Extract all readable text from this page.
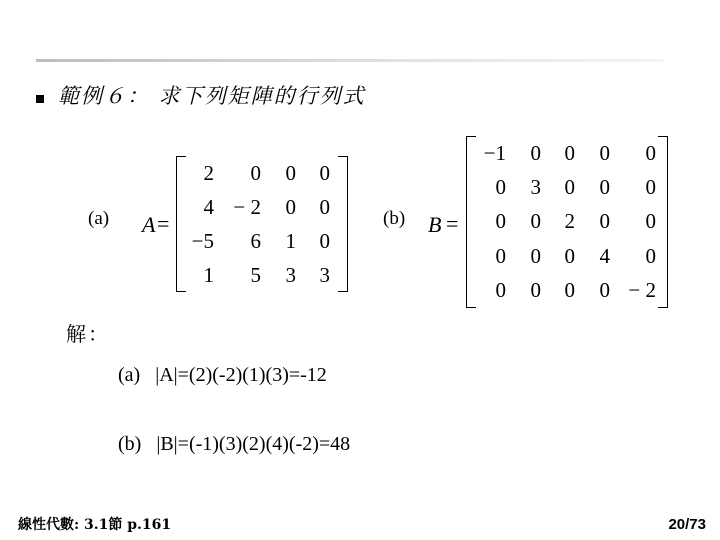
範例６： 求下列矩陣的行列式
(a) A =
2	0	0	0
4 − 2	0	0
−5	6	1	0
1	5	3	3
(b) B =
−1	0	0	0	0
0	3	0	0	0
0	0	2	0	0
0	0	0	4	0
0	0	0	0 − 2
解：
(a)   |A|=(2)(-2)(1)(3)=-12
(b)   |B|=(-1)(3)(2)(4)(-2)=48
線性代數: 3.1節 p.161	20/73
